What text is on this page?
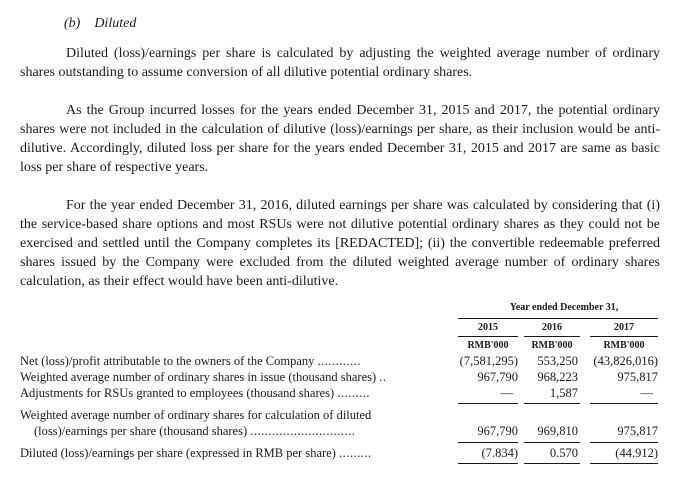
(b) Diluted

Diluted (loss)/earnings per share is calculated by adjusting the weighted average number of ordinary shares outstanding to assume conversion of all dilutive potential ordinary shares.

As the Group incurred losses for the years ended December 31, 2015 and 2017, the potential ordinary shares were not included in the calculation of dilutive (loss)/earnings per share, as their inclusion would be anti-dilutive. Accordingly, diluted loss per share for the years ended December 31, 2015 and 2017 are same as basic loss per share of respective years.

For the year ended December 31, 2016, diluted earnings per share was calculated by considering that (i) the service-based share options and most RSUs were not dilutive potential ordinary shares as they could not be exercised and settled until the Company completes its [REDACTED]; (ii) the convertible redeemable preferred shares issued by the Company were excluded from the diluted weighted average number of ordinary shares calculation, as their effect would have been anti-dilutive.

Year ended December 31,
2015	2016	2017
RMB'000	RMB'000	RMB'000
Net (loss)/profit attributable to the owners of the Company ............	(7,581,295) 553,250 (43,826,016)
Weighted average number of ordinary shares in issue (thousand shares) ..	967,790 968,223	975,817
Adjustments for RSUs granted to employees (thousand shares) .........	—	1,587	—
Weighted average number of ordinary shares for calculation of diluted
(loss)/earnings per share (thousand shares) .............................	967,790 969,810	975,817
Diluted (loss)/earnings per share (expressed in RMB per share) .........	(7.834)	0.570	(44.912)
